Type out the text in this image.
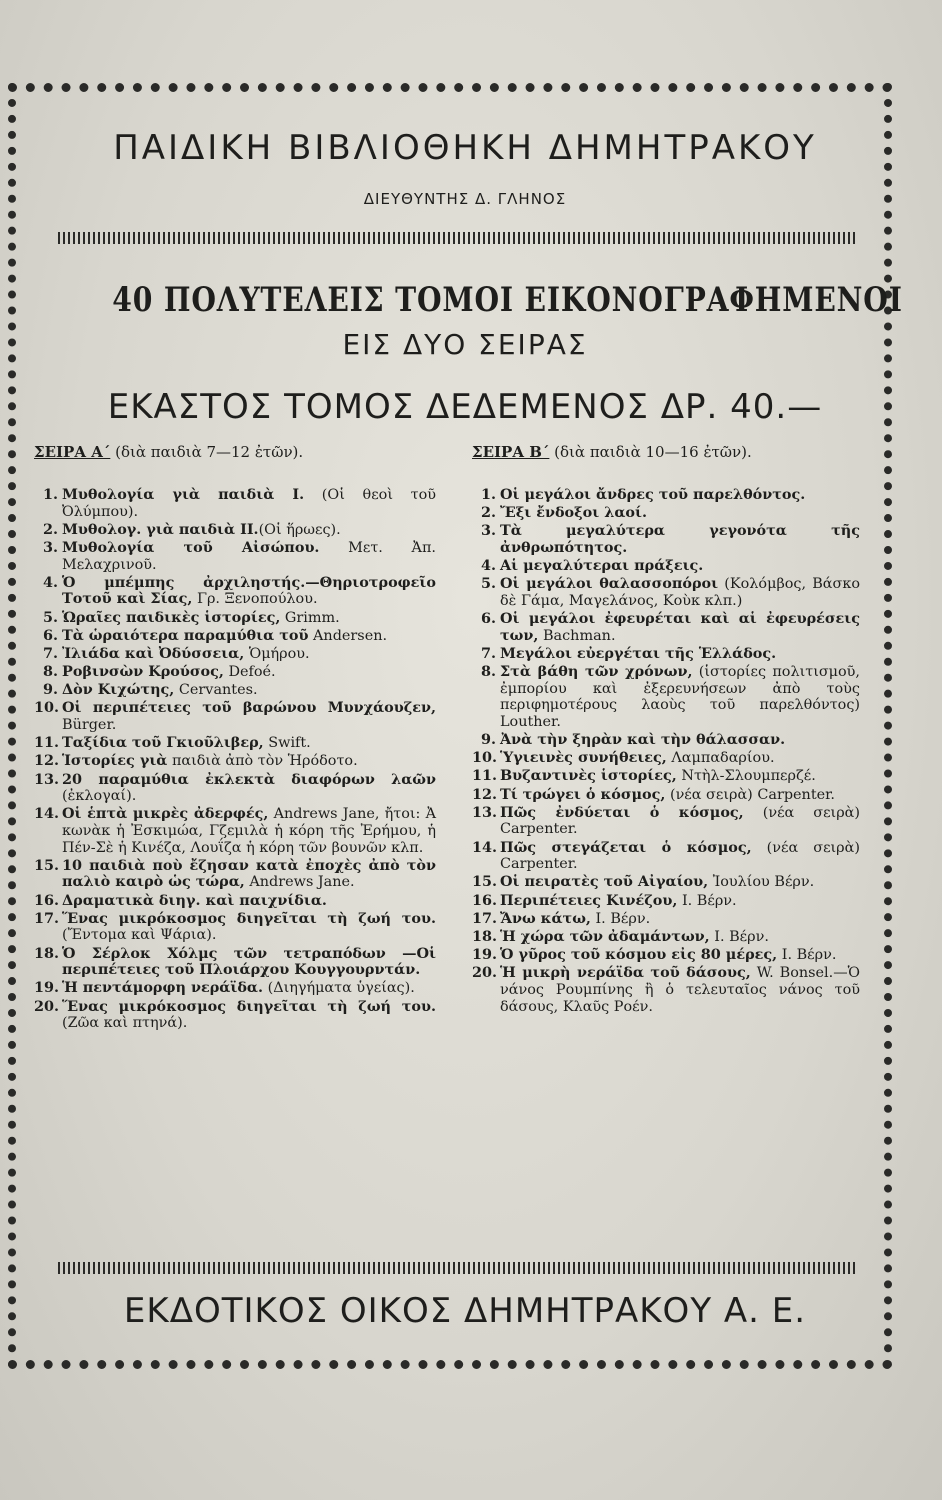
ΠΑΙΔΙΚΗ ΒΙΒΛΙΟΘΗΚΗ ΔΗΜΗΤΡΑΚΟΥ
ΔΙΕΥΘΥΝΤΗΣ Δ. ΓΛΗΝΟΣ
40 ΠΟΛΥΤΕΛΕΙΣ ΤΟΜΟΙ ΕΙΚΟΝΟΓΡΑΦΗΜΕΝΟΙ
ΕΙΣ ΔΥΟ ΣΕΙΡΑΣ
ΕΚΑΣΤΟΣ ΤΟΜΟΣ ΔΕΔΕΜΕΝΟΣ ΔΡ. 40.—
ΣΕΙΡΑ Α΄ (διὰ παιδιὰ 7—12 ἐτῶν).	ΣΕΙΡΑ Β΄ (διὰ παιδιὰ 10—16 ἐτῶν).
1. Μυθολογία γιὰ παιδιὰ Ι. (Οἱ θεοὶ τοῦ Ὀλύμπου).
2. Μυθολογ. γιὰ παιδιὰ ΙΙ.(Οἱ ἥρωες).
3. Μυθολογία τοῦ Αἰσώπου. Μετ. Ἀπ. Μελαχρινοῦ.
4. Ὁ μπέμπης ἀρχιληστής.—Θηριοτροφεῖο Τοτοῦ καὶ Σίας, Γρ. Ξενοπούλου.
5. Ὡραῖες παιδικὲς ἱστορίες, Grimm.
6. Τὰ ὡραιότερα παραμύθια τοῦ Andersen.
7. Ἰλιάδα καὶ Ὀδύσσεια, Ὁμήρου.
8. Ροβινσὼν Κρούσος, Defoé.
9. Δὸν Κιχώτης, Cervantes.
10. Οἱ περιπέτειες τοῦ βαρώνου Μυνχάουζεν, Bürger.
11. Ταξίδια τοῦ Γκιοῦλιβερ, Swift.
12. Ἱστορίες γιὰ παιδιὰ ἀπὸ τὸν Ἡρόδοτο.
13. 20 παραμύθια ἐκλεκτὰ διαφόρων λαῶν (ἐκλογαί).
14. Οἱ ἑπτὰ μικρὲς ἀδερφές, Andrews Jane, ἤτοι: Ἀ κωνὰκ ἡ Ἐσκιμώα, Γζεμιλὰ ἡ κόρη τῆς Ἐρήμου, ἡ Πέν-Σὲ ἡ Κινέζα, Λουΐζα ἡ κόρη τῶν βουνῶν κλπ.
15. 10 παιδιὰ ποὺ ἔζησαν κατὰ ἐποχὲς ἀπὸ τὸν παλιὸ καιρὸ ὡς τώρα, Andrews Jane.
16. Δραματικὰ διηγ. καὶ παιχνίδια.
17. Ἕνας μικρόκοσμος διηγεῖται τὴ ζωή του. (Ἔντομα καὶ Ψάρια).
18. Ὁ Σέρλοκ Χόλμς τῶν τετραπόδων —Οἱ περιπέτειες τοῦ Πλοιάρχου Κουγγουρντάν.
19. Ἡ πεντάμορφη νεράϊδα. (Διηγήματα ὑγείας).
20. Ἕνας μικρόκοσμος διηγεῖται τὴ ζωή του. (Ζῶα καὶ πτηνά).
1. Οἱ μεγάλοι ἄνδρες τοῦ παρελθόντος.
2. Ἔξι ἔνδοξοι λαοί.
3. Τὰ μεγαλύτερα γεγονότα τῆς ἀνθρωπότητος.
4. Αἱ μεγαλύτεραι πράξεις.
5. Οἱ μεγάλοι θαλασσοπόροι (Κολόμβος, Βάσκο δὲ Γάμα, Μαγελάνος, Κοὺκ κλπ.)
6. Οἱ μεγάλοι ἐφευρέται καὶ αἱ ἐφευρέσεις των, Bachman.
7. Μεγάλοι εὐεργέται τῆς Ἑλλάδος.
8. Στὰ βάθη τῶν χρόνων, (ἱστορίες πολιτισμοῦ, ἐμπορίου καὶ ἐξερευνήσεων ἀπὸ τοὺς περιφημοτέρους λαοὺς τοῦ παρελθόντος) Louther.
9. Ἀνὰ τὴν ξηρὰν καὶ τὴν θάλασσαν.
10. Ὑγιεινὲς συνήθειες, Λαμπαδαρίου.
11. Βυζαντινὲς ἱστορίες, Ντὴλ-Σλουμπερζέ.
12. Τί τρώγει ὁ κόσμος, (νέα σειρὰ) Carpenter.
13. Πῶς ἐνδύεται ὁ κόσμος, (νέα σειρὰ) Carpenter.
14. Πῶς στεγάζεται ὁ κόσμος, (νέα σειρὰ) Carpenter.
15. Οἱ πειρατὲς τοῦ Αἰγαίου, Ἰουλίου Βέρν.
16. Περιπέτειες Κινέζου, Ι. Βέρν.
17. Ἄνω κάτω, Ι. Βέρν.
18. Ἡ χώρα τῶν ἀδαμάντων, Ι. Βέρν.
19. Ὁ γῦρος τοῦ κόσμου εἰς 80 μέρες, Ι. Βέρν.
20. Ἡ μικρὴ νεράϊδα τοῦ δάσους, W. Bonsel.—Ὁ νάνος Ρουμπίνης ἢ ὁ τελευταῖος νάνος τοῦ δάσους, Κλαῦς Ροέν.
ΕΚΔΟΤΙΚΟΣ ΟΙΚΟΣ ΔΗΜΗΤΡΑΚΟΥ Α. Ε.
